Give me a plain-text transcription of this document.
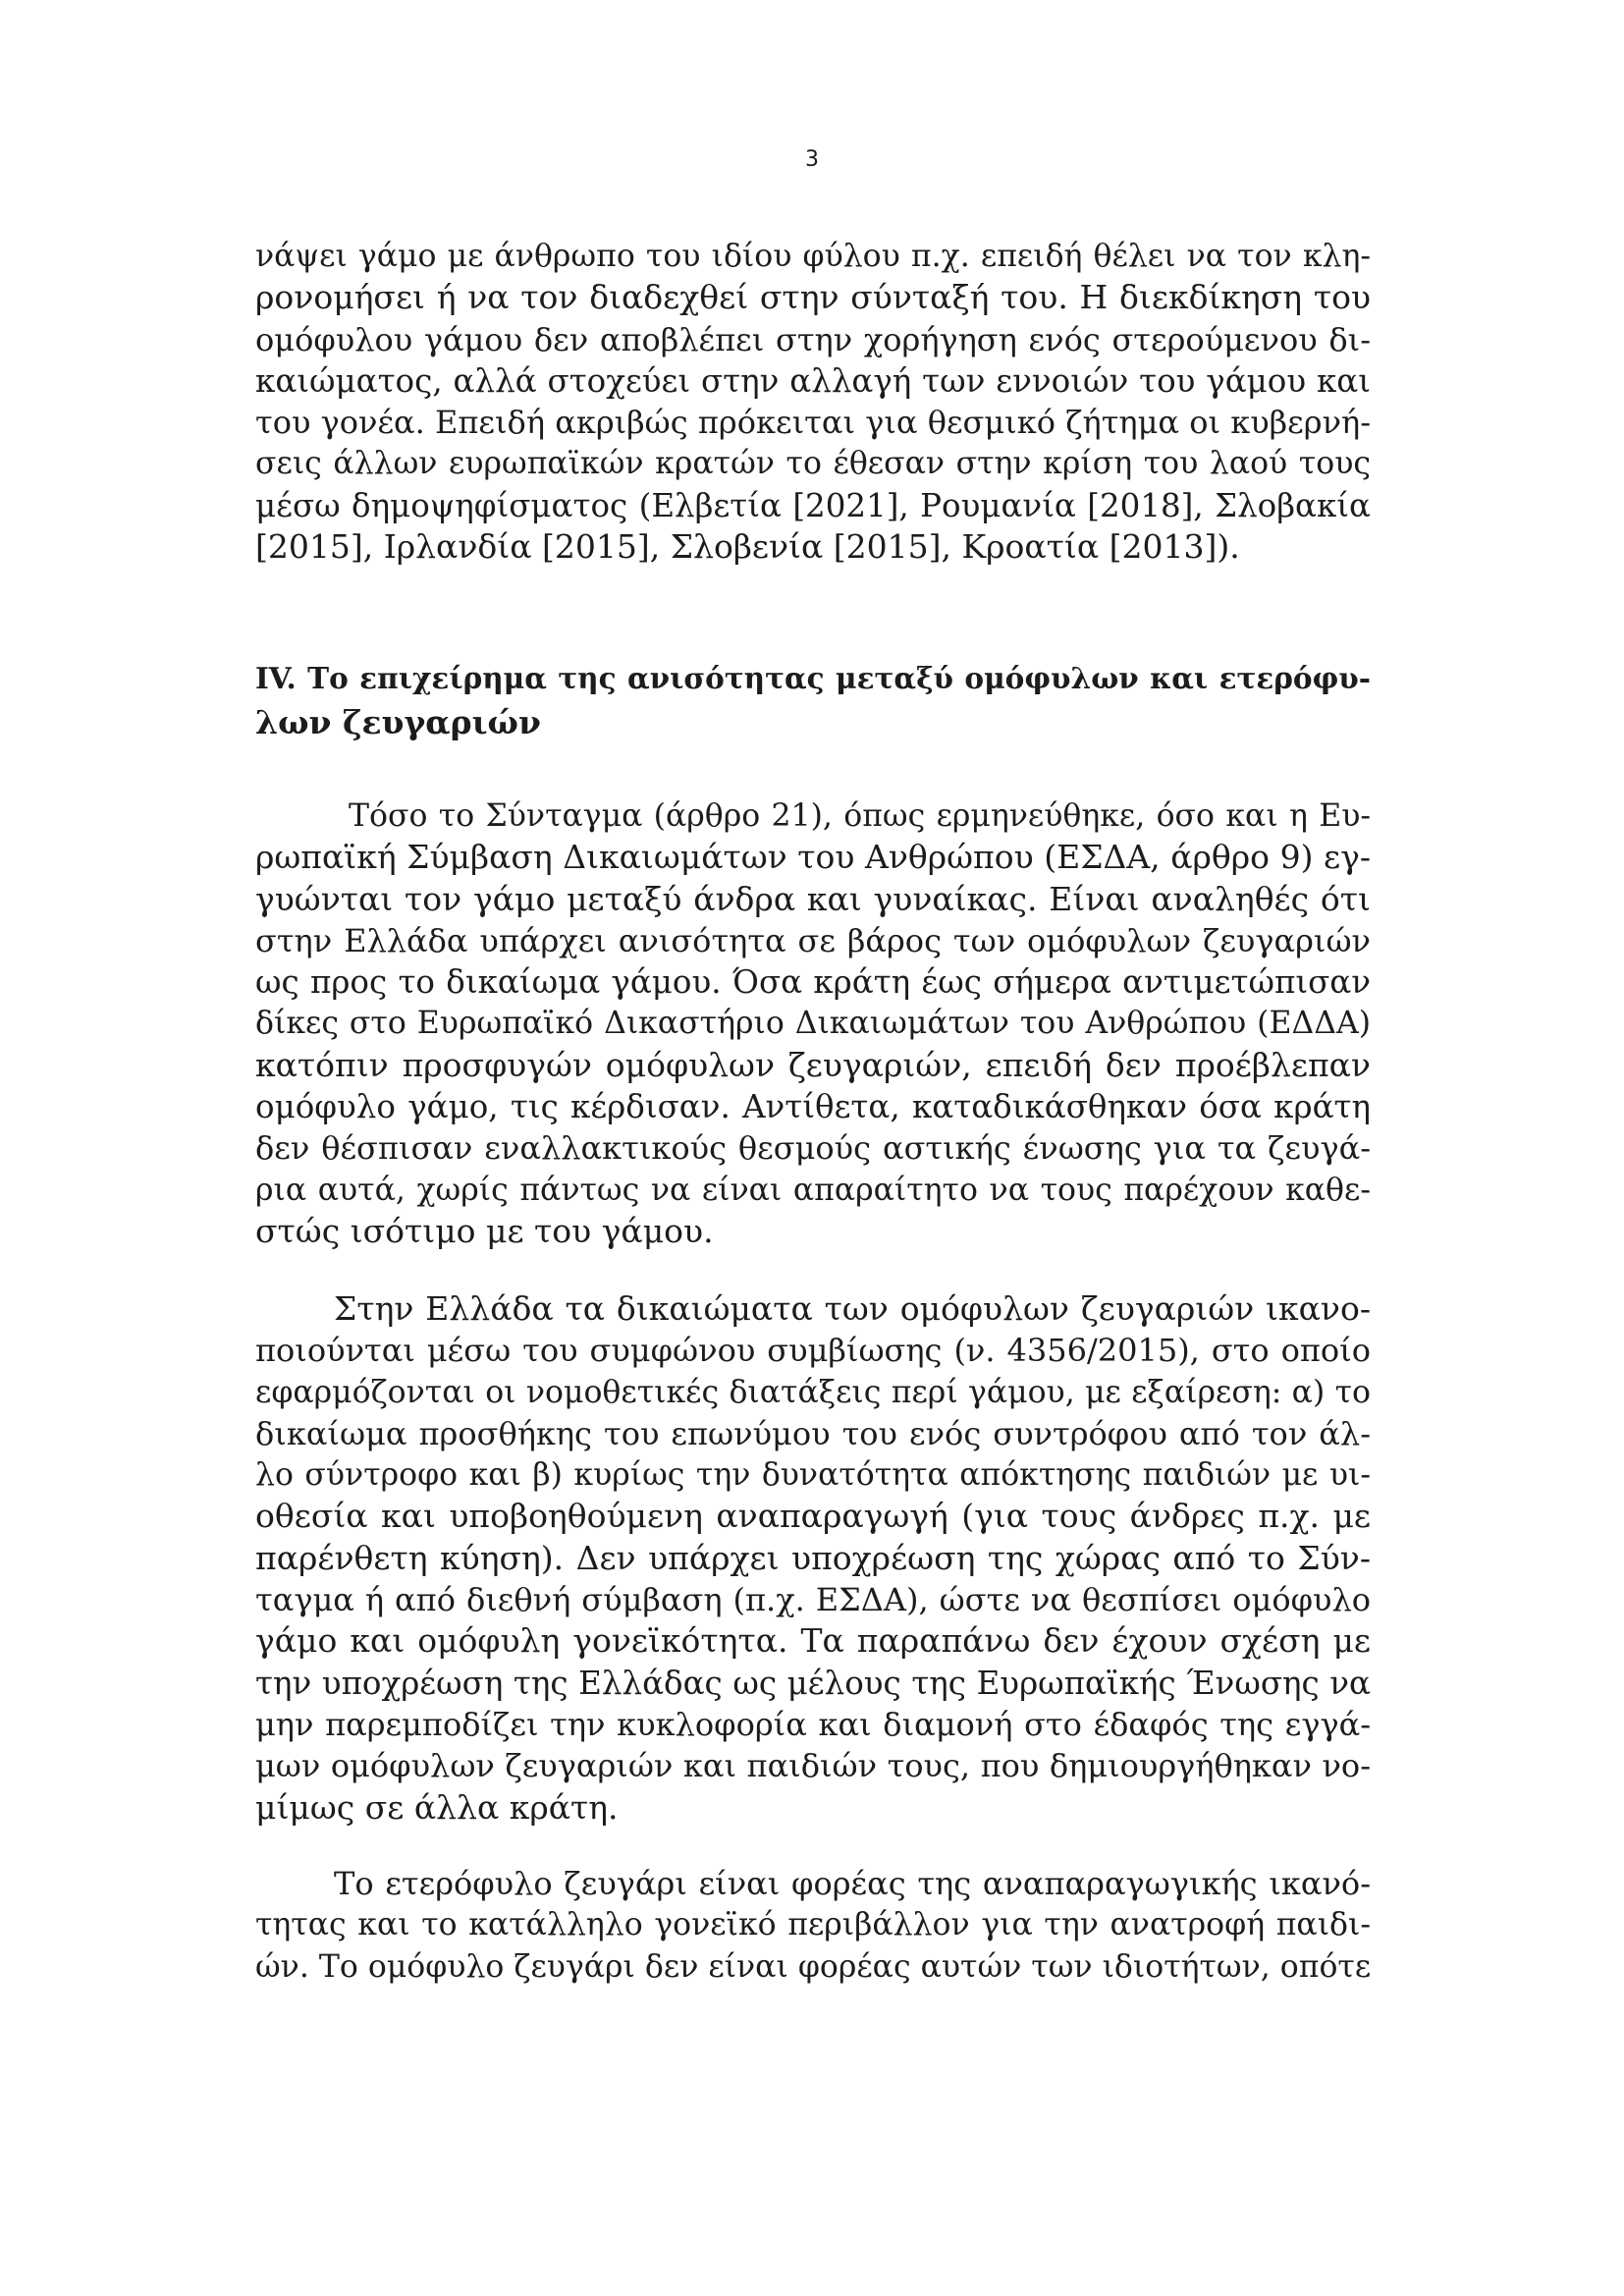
3
νάψει γάμο με άνθρωπο του ιδίου φύλου π.χ. επειδή θέλει να τον κλη-
ρονομήσει ή να τον διαδεχθεί στην σύνταξή του. Η διεκδίκηση του
ομόφυλου γάμου δεν αποβλέπει στην χορήγηση ενός στερούμενου δι-
καιώματος, αλλά στοχεύει στην αλλαγή των εννοιών του γάμου και
του γονέα. Επειδή ακριβώς πρόκειται για θεσμικό ζήτημα οι κυβερνή-
σεις άλλων ευρωπαϊκών κρατών το έθεσαν στην κρίση του λαού τους
μέσω δημοψηφίσματος (Ελβετία [2021], Ρουμανία [2018], Σλοβακία
[2015], Ιρλανδία [2015], Σλοβενία [2015], Κροατία [2013]).
IV. Το επιχείρημα της ανισότητας μεταξύ ομόφυλων και ετερόφυ-
λων ζευγαριών
Τόσο το Σύνταγμα (άρθρο 21), όπως ερμηνεύθηκε, όσο και η Ευ-
ρωπαϊκή Σύμβαση Δικαιωμάτων του Ανθρώπου (ΕΣΔΑ, άρθρο 9) εγ-
γυώνται τον γάμο μεταξύ άνδρα και γυναίκας. Είναι αναληθές ότι
στην Ελλάδα υπάρχει ανισότητα σε βάρος των ομόφυλων ζευγαριών
ως προς το δικαίωμα γάμου. Όσα κράτη έως σήμερα αντιμετώπισαν
δίκες στο Ευρωπαϊκό Δικαστήριο Δικαιωμάτων του Ανθρώπου (ΕΔΔΑ)
κατόπιν προσφυγών ομόφυλων ζευγαριών, επειδή δεν προέβλεπαν
ομόφυλο γάμο, τις κέρδισαν. Αντίθετα, καταδικάσθηκαν όσα κράτη
δεν θέσπισαν εναλλακτικούς θεσμούς αστικής ένωσης για τα ζευγά-
ρια αυτά, χωρίς πάντως να είναι απαραίτητο να τους παρέχουν καθε-
στώς ισότιμο με του γάμου.
Στην Ελλάδα τα δικαιώματα των ομόφυλων ζευγαριών ικανο-
ποιούνται μέσω του συμφώνου συμβίωσης (ν. 4356/2015), στο οποίο
εφαρμόζονται οι νομοθετικές διατάξεις περί γάμου, με εξαίρεση: α) το
δικαίωμα προσθήκης του επωνύμου του ενός συντρόφου από τον άλ-
λο σύντροφο και β) κυρίως την δυνατότητα απόκτησης παιδιών με υι-
οθεσία και υποβοηθούμενη αναπαραγωγή (για τους άνδρες π.χ. με
παρένθετη κύηση). Δεν υπάρχει υποχρέωση της χώρας από το Σύν-
ταγμα ή από διεθνή σύμβαση (π.χ. ΕΣΔΑ), ώστε να θεσπίσει ομόφυλο
γάμο και ομόφυλη γονεϊκότητα. Τα παραπάνω δεν έχουν σχέση με
την υποχρέωση της Ελλάδας ως μέλους της Ευρωπαϊκής Ένωσης να
μην παρεμποδίζει την κυκλοφορία και διαμονή στο έδαφός της εγγά-
μων ομόφυλων ζευγαριών και παιδιών τους, που δημιουργήθηκαν νο-
μίμως σε άλλα κράτη.
Το ετερόφυλο ζευγάρι είναι φορέας της αναπαραγωγικής ικανό-
τητας και το κατάλληλο γονεϊκό περιβάλλον για την ανατροφή παιδι-
ών. Το ομόφυλο ζευγάρι δεν είναι φορέας αυτών των ιδιοτήτων, οπότε
